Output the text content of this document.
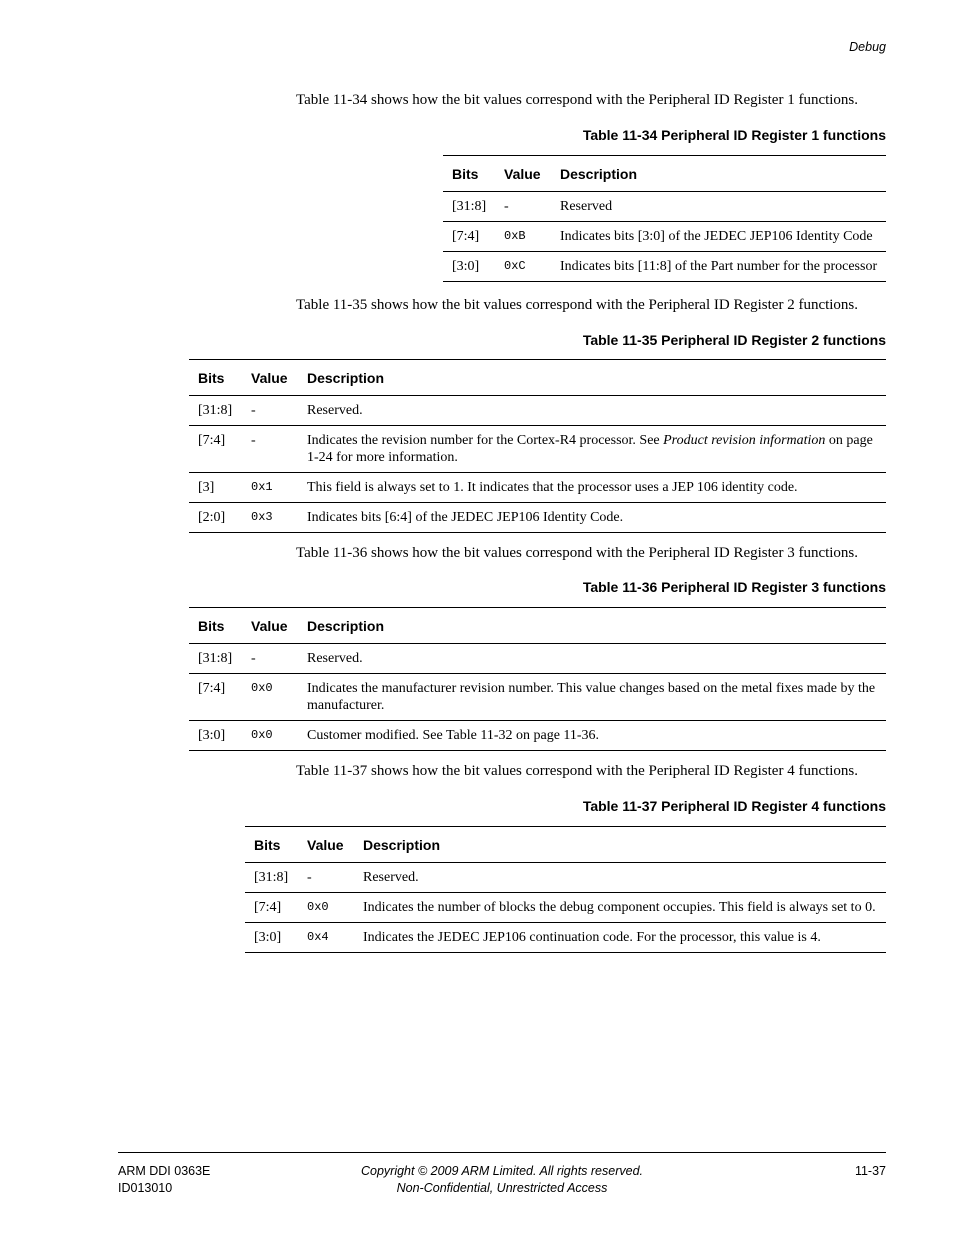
Debug
Table 11-34 shows how the bit values correspond with the Peripheral ID Register 1 functions.
Table 11-34 Peripheral ID Register 1 functions
Bits	Value	Description
[31:8]	-	Reserved
[7:4]	0xB	Indicates bits [3:0] of the JEDEC JEP106 Identity Code
[3:0]	0xC	Indicates bits [11:8] of the Part number for the processor
Table 11-35 shows how the bit values correspond with the Peripheral ID Register 2 functions.
Table 11-35 Peripheral ID Register 2 functions
Bits	Value	Description
[31:8]	-	Reserved.
[7:4]	-	Indicates the revision number for the Cortex-R4 processor. See Product revision information on page 1-24 for more information.
[3]	0x1	This field is always set to 1. It indicates that the processor uses a JEP 106 identity code.
[2:0]	0x3	Indicates bits [6:4] of the JEDEC JEP106 Identity Code.
Table 11-36 shows how the bit values correspond with the Peripheral ID Register 3 functions.
Table 11-36 Peripheral ID Register 3 functions
Bits	Value	Description
[31:8]	-	Reserved.
[7:4]	0x0	Indicates the manufacturer revision number. This value changes based on the metal fixes made by the manufacturer.
[3:0]	0x0	Customer modified. See Table 11-32 on page 11-36.
Table 11-37 shows how the bit values correspond with the Peripheral ID Register 4 functions.
Table 11-37 Peripheral ID Register 4 functions
Bits	Value	Description
[31:8]	-	Reserved.
[7:4]	0x0	Indicates the number of blocks the debug component occupies. This field is always set to 0.
[3:0]	0x4	Indicates the JEDEC JEP106 continuation code. For the processor, this value is 4.
ARM DDI 0363E
ID013010
Copyright © 2009 ARM Limited. All rights reserved.
Non-Confidential, Unrestricted Access
11-37
